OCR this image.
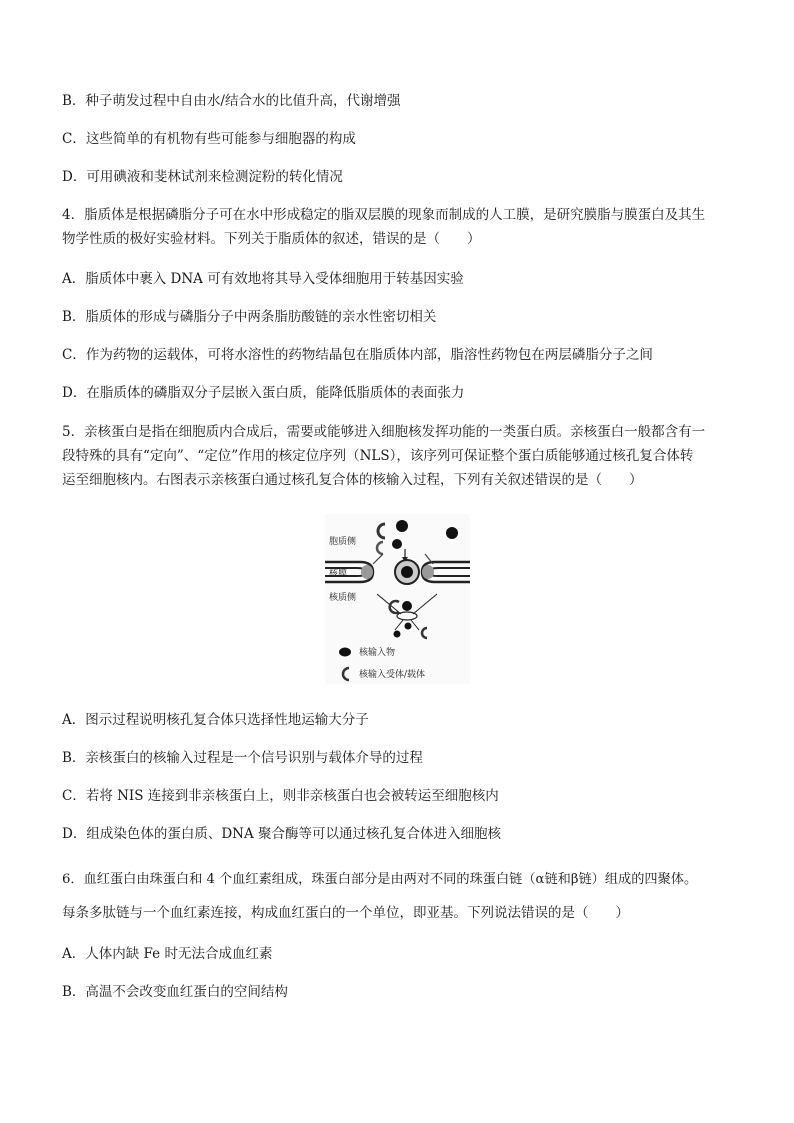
B．种子萌发过程中自由水/结合水的比值升高，代谢增强
C．这些简单的有机物有些可能参与细胞器的构成
D．可用碘液和斐林试剂来检测淀粉的转化情况
4．脂质体是根据磷脂分子可在水中形成稳定的脂双层膜的现象而制成的人工膜，是研究膜脂与膜蛋白及其生
物学性质的极好实验材料。下列关于脂质体的叙述，错误的是（　　）
A．脂质体中裹入 DNA 可有效地将其导入受体细胞用于转基因实验
B．脂质体的形成与磷脂分子中两条脂肪酸链的亲水性密切相关
C．作为药物的运载体，可将水溶性的药物结晶包在脂质体内部，脂溶性药物包在两层磷脂分子之间
D．在脂质体的磷脂双分子层嵌入蛋白质，能降低脂质体的表面张力
5．亲核蛋白是指在细胞质内合成后，需要或能够进入细胞核发挥功能的一类蛋白质。亲核蛋白一般都含有一
段特殊的具有“定向”、“定位”作用的核定位序列（NLS），该序列可保证整个蛋白质能够通过核孔复合体转
运至细胞核内。右图表示亲核蛋白通过核孔复合体的核输入过程，下列有关叙述错误的是（　　）
胞质侧
核膜
核质侧
核输入物
核输入受体/载体
A．图示过程说明核孔复合体只选择性地运输大分子
B．亲核蛋白的核输入过程是一个信号识别与载体介导的过程
C．若将 NIS 连接到非亲核蛋白上，则非亲核蛋白也会被转运至细胞核内
D．组成染色体的蛋白质、DNA 聚合酶等可以通过核孔复合体进入细胞核
6．血红蛋白由珠蛋白和 4 个血红素组成，珠蛋白部分是由两对不同的珠蛋白链（α链和β链）组成的四聚体。
每条多肽链与一个血红素连接，构成血红蛋白的一个单位，即亚基。下列说法错误的是（　　）
A．人体内缺 Fe 时无法合成血红素
B．高温不会改变血红蛋白的空间结构
